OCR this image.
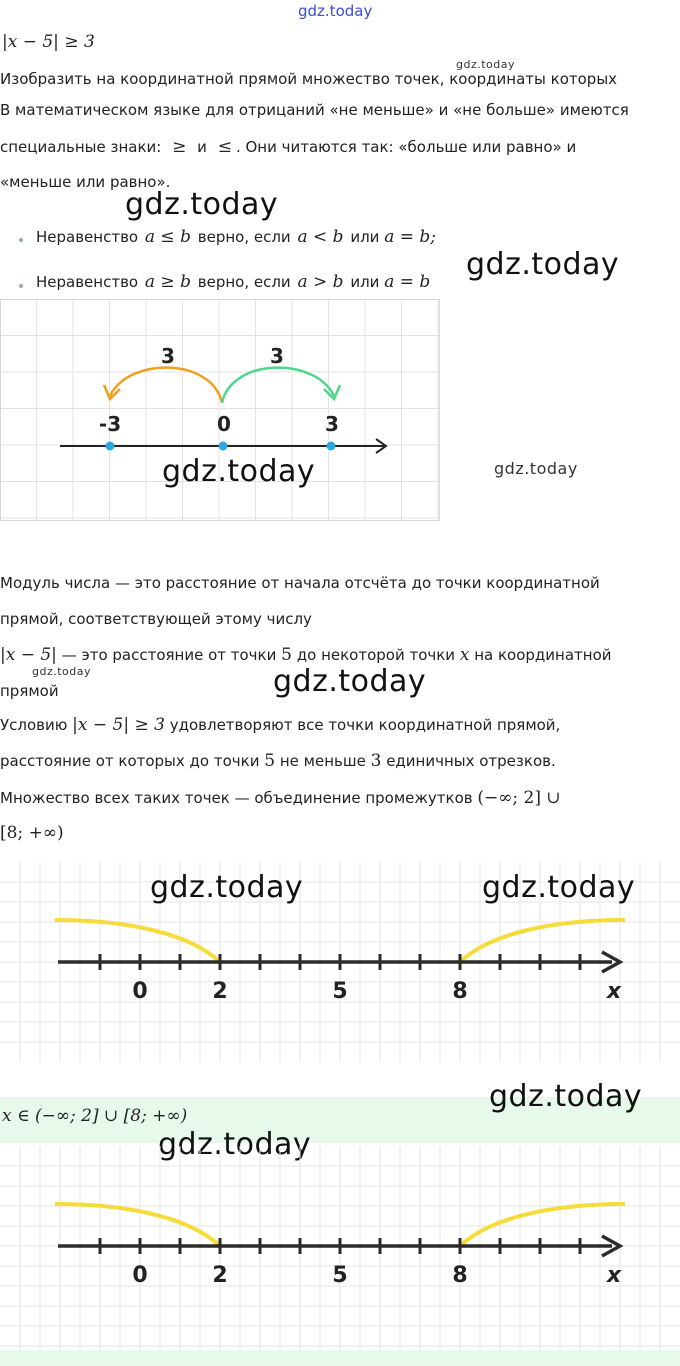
gdz.today
|x − 5| ≥ 3
gdz.today
Изобразить на координатной прямой множество точек, координаты которых
В математическом языке для отрицаний «не меньше» и «не больше» имеются
специальные знаки: ≥ и ≤ . Они читаются так: «больше или равно» и
«меньше или равно».
gdz.today
Неравенство a ≤ b верно, если a < b или a = b;
gdz.today
Неравенство a ≥ b верно, если a > b или a = b
3	3
-3	0	3
gdz.today	gdz.today
Модуль числа — это расстояние от начала отсчёта до точки координатной
прямой, соответствующей этому числу
|x − 5| — это расстояние от точки 5 до некоторой точки x на координатной
gdz.today
прямой	gdz.today
Условию |x − 5| ≥ 3 удовлетворяют все точки координатной прямой,
расстояние от которых до точки 5 не меньше 3 единичных отрезков.
Множество всех таких точек — объединение промежутков (−∞; 2] ∪
[8; +∞)
0	2	5	8	x
gdz.today	gdz.today
x ∈ (−∞; 2] ∪ [8; +∞)
gdz.today
gdz.today
0	2	5	8	x
